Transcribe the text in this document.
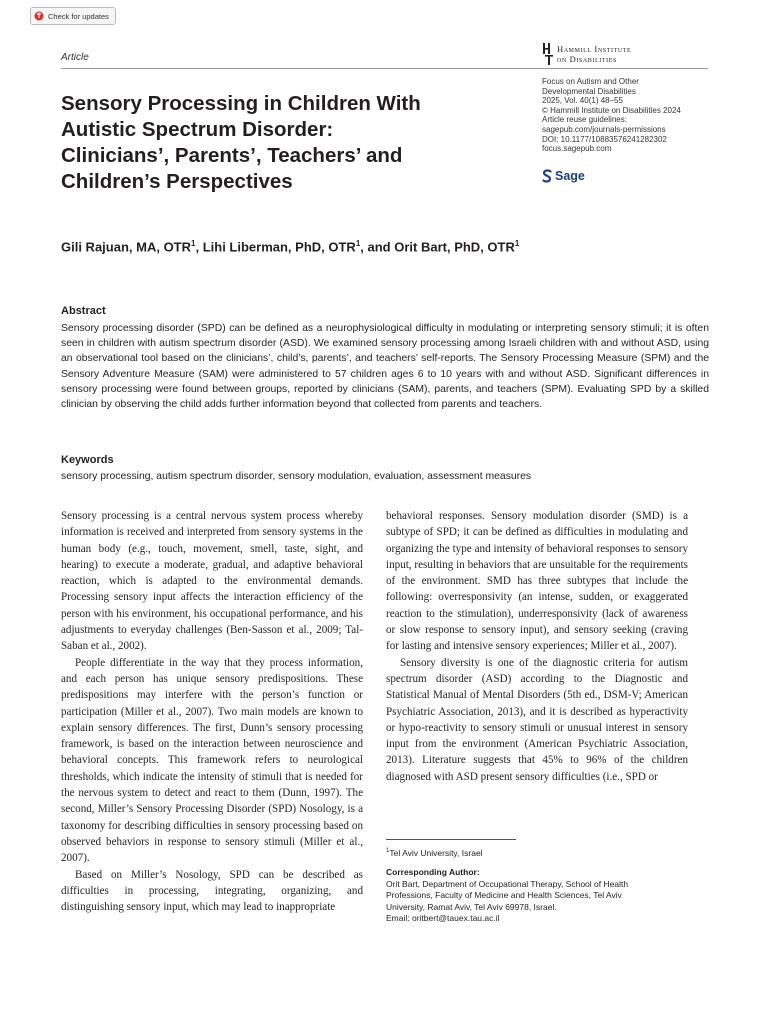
Check for updates
Article
Hammill Institute
on Disabilities
Focus on Autism and Other
Developmental Disabilities
2025, Vol. 40(1) 48–55
© Hammill Institute on Disabilities 2024
Article reuse guidelines:
sagepub.com/journals-permissions
DOI: 10.1177/10883576241282302
focus.sagepub.com
Sage
Sensory Processing in Children With
Autistic Spectrum Disorder:
Clinicians’, Parents’, Teachers’ and
Children’s Perspectives
Gili Rajuan, MA, OTR$^1$, Lihi Liberman, PhD, OTR$^1$, and Orit Bart, PhD, OTR$^1$
Abstract
Sensory processing disorder (SPD) can be defined as a neurophysiological difficulty in modulating or interpreting sensory stimuli; it is often seen in children with autism spectrum disorder (ASD). We examined sensory processing among Israeli children with and without ASD, using an observational tool based on the clinicians’, child’s, parents’, and teachers’ self-reports. The Sensory Processing Measure (SPM) and the Sensory Adventure Measure (SAM) were administered to 57 children ages 6 to 10 years with and without ASD. Significant differences in sensory processing were found between groups, reported by clinicians (SAM), parents, and teachers (SPM). Evaluating SPD by a skilled clinician by observing the child adds further information beyond that collected from parents and teachers.
Keywords
sensory processing, autism spectrum disorder, sensory modulation, evaluation, assessment measures

Sensory processing is a central nervous system process whereby information is received and interpreted from sensory systems in the human body (e.g., touch, movement, smell, taste, sight, and hearing) to execute a moderate, gradual, and adaptive behavioral reaction, which is adapted to the environmental demands. Processing sensory input affects the interaction efficiency of the person with his environment, his occupational performance, and his adjustments to everyday challenges (Ben-Sasson et al., 2009; Tal-Saban et al., 2002).

People differentiate in the way that they process information, and each person has unique sensory predispositions. These predispositions may interfere with the person’s function or participation (Miller et al., 2007). Two main models are known to explain sensory differences. The first, Dunn’s sensory processing framework, is based on the interaction between neuroscience and behavioral concepts. This framework refers to neurological thresholds, which indicate the intensity of stimuli that is needed for the nervous system to detect and react to them (Dunn, 1997). The second, Miller’s Sensory Processing Disorder (SPD) Nosology, is a taxonomy for describing difficulties in sensory processing based on observed behaviors in response to sensory stimuli (Miller et al., 2007).

Based on Miller’s Nosology, SPD can be described as difficulties in processing, integrating, organizing, and distinguishing sensory input, which may lead to inappropriate

behavioral responses. Sensory modulation disorder (SMD) is a subtype of SPD; it can be defined as difficulties in modulating and organizing the type and intensity of behavioral responses to sensory input, resulting in behaviors that are unsuitable for the requirements of the environment. SMD has three subtypes that include the following: overresponsivity (an intense, sudden, or exaggerated reaction to the stimulation), underresponsivity (lack of awareness or slow response to sensory input), and sensory seeking (craving for lasting and intensive sensory experiences; Miller et al., 2007).

Sensory diversity is one of the diagnostic criteria for autism spectrum disorder (ASD) according to the Diagnostic and Statistical Manual of Mental Disorders (5th ed., DSM-V; American Psychiatric Association, 2013), and it is described as hyperactivity or hypo-reactivity to sensory stimuli or unusual interest in sensory input from the environment (American Psychiatric Association, 2013). Literature suggests that 45% to 96% of the children diagnosed with ASD present sensory difficulties (i.e., SPD or

$^1$Tel Aviv University, Israel
Corresponding Author:
Orit Bart, Department of Occupational Therapy, School of Health
Professions, Faculty of Medicine and Health Sciences, Tel Aviv
University, Ramat Aviv, Tel Aviv 69978, Israel.
Email: oritbert@tauex.tau.ac.il
